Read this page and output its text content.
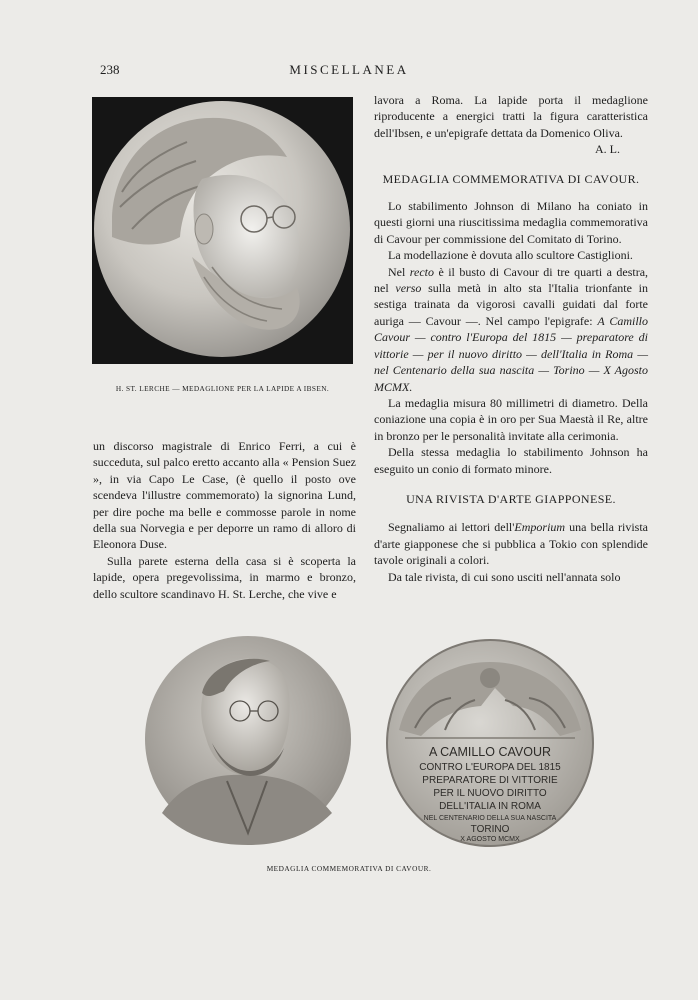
238	MISCELLANEA
H. ST. LERCHE — MEDAGLIONE PER LA LAPIDE A IBSEN.

un discorso magistrale di Enrico Ferri, a cui è succeduta, sul palco eretto accanto alla « Pension Suez », in via Capo Le Case, (è quello il posto ove scendeva l'illustre commemorato) la signorina Lund, per dire poche ma belle e commosse parole in nome della sua Norvegia e per deporre un ramo di alloro di Eleonora Duse.

Sulla parete esterna della casa si è scoperta la lapide, opera pregevolissima, in marmo e bronzo, dello scultore scandinavo H. St. Lerche, che vive e

lavora a Roma. La lapide porta il medaglione riproducente a energici tratti la figura caratteristica dell'Ibsen, e un'epigrafe dettata da Domenico Oliva.

A. L.

MEDAGLIA COMMEMORATIVA DI CAVOUR.

Lo stabilimento Johnson di Milano ha coniato in questi giorni una riuscitissima medaglia commemorativa di Cavour per commissione del Comitato di Torino.

La modellazione è dovuta allo scultore Castiglioni.

Nel recto è il busto di Cavour di tre quarti a destra, nel verso sulla metà in alto sta l'Italia trionfante in sestiga trainata da vigorosi cavalli guidati dal forte auriga — Cavour —. Nel campo l'epigrafe: A Camillo Cavour — contro l'Europa del 1815 — preparatore di vittorie — per il nuovo diritto — dell'Italia in Roma — nel Centenario della sua nascita — Torino — X Agosto MCMX.

La medaglia misura 80 millimetri di diametro. Della coniazione una copia è in oro per Sua Maestà il Re, altre in bronzo per le personalità invitate alla cerimonia.

Della stessa medaglia lo stabilimento Johnson ha eseguito un conio di formato minore.

UNA RIVISTA D'ARTE GIAPPONESE.

Segnaliamo ai lettori dell'Emporium una bella rivista d'arte giapponese che si pubblica a Tokio con splendide tavole originali a colori.

Da tale rivista, di cui sono usciti nell'annata solo

A CAMILLO CAVOUR
CONTRO L'EUROPA DEL 1815
PREPARATORE DI VITTORIE
PER IL NUOVO DIRITTO
DELL'ITALIA IN ROMA
NEL CENTENARIO DELLA SUA NASCITA
TORINO
X AGOSTO MCMX
MEDAGLIA COMMEMORATIVA DI CAVOUR.
